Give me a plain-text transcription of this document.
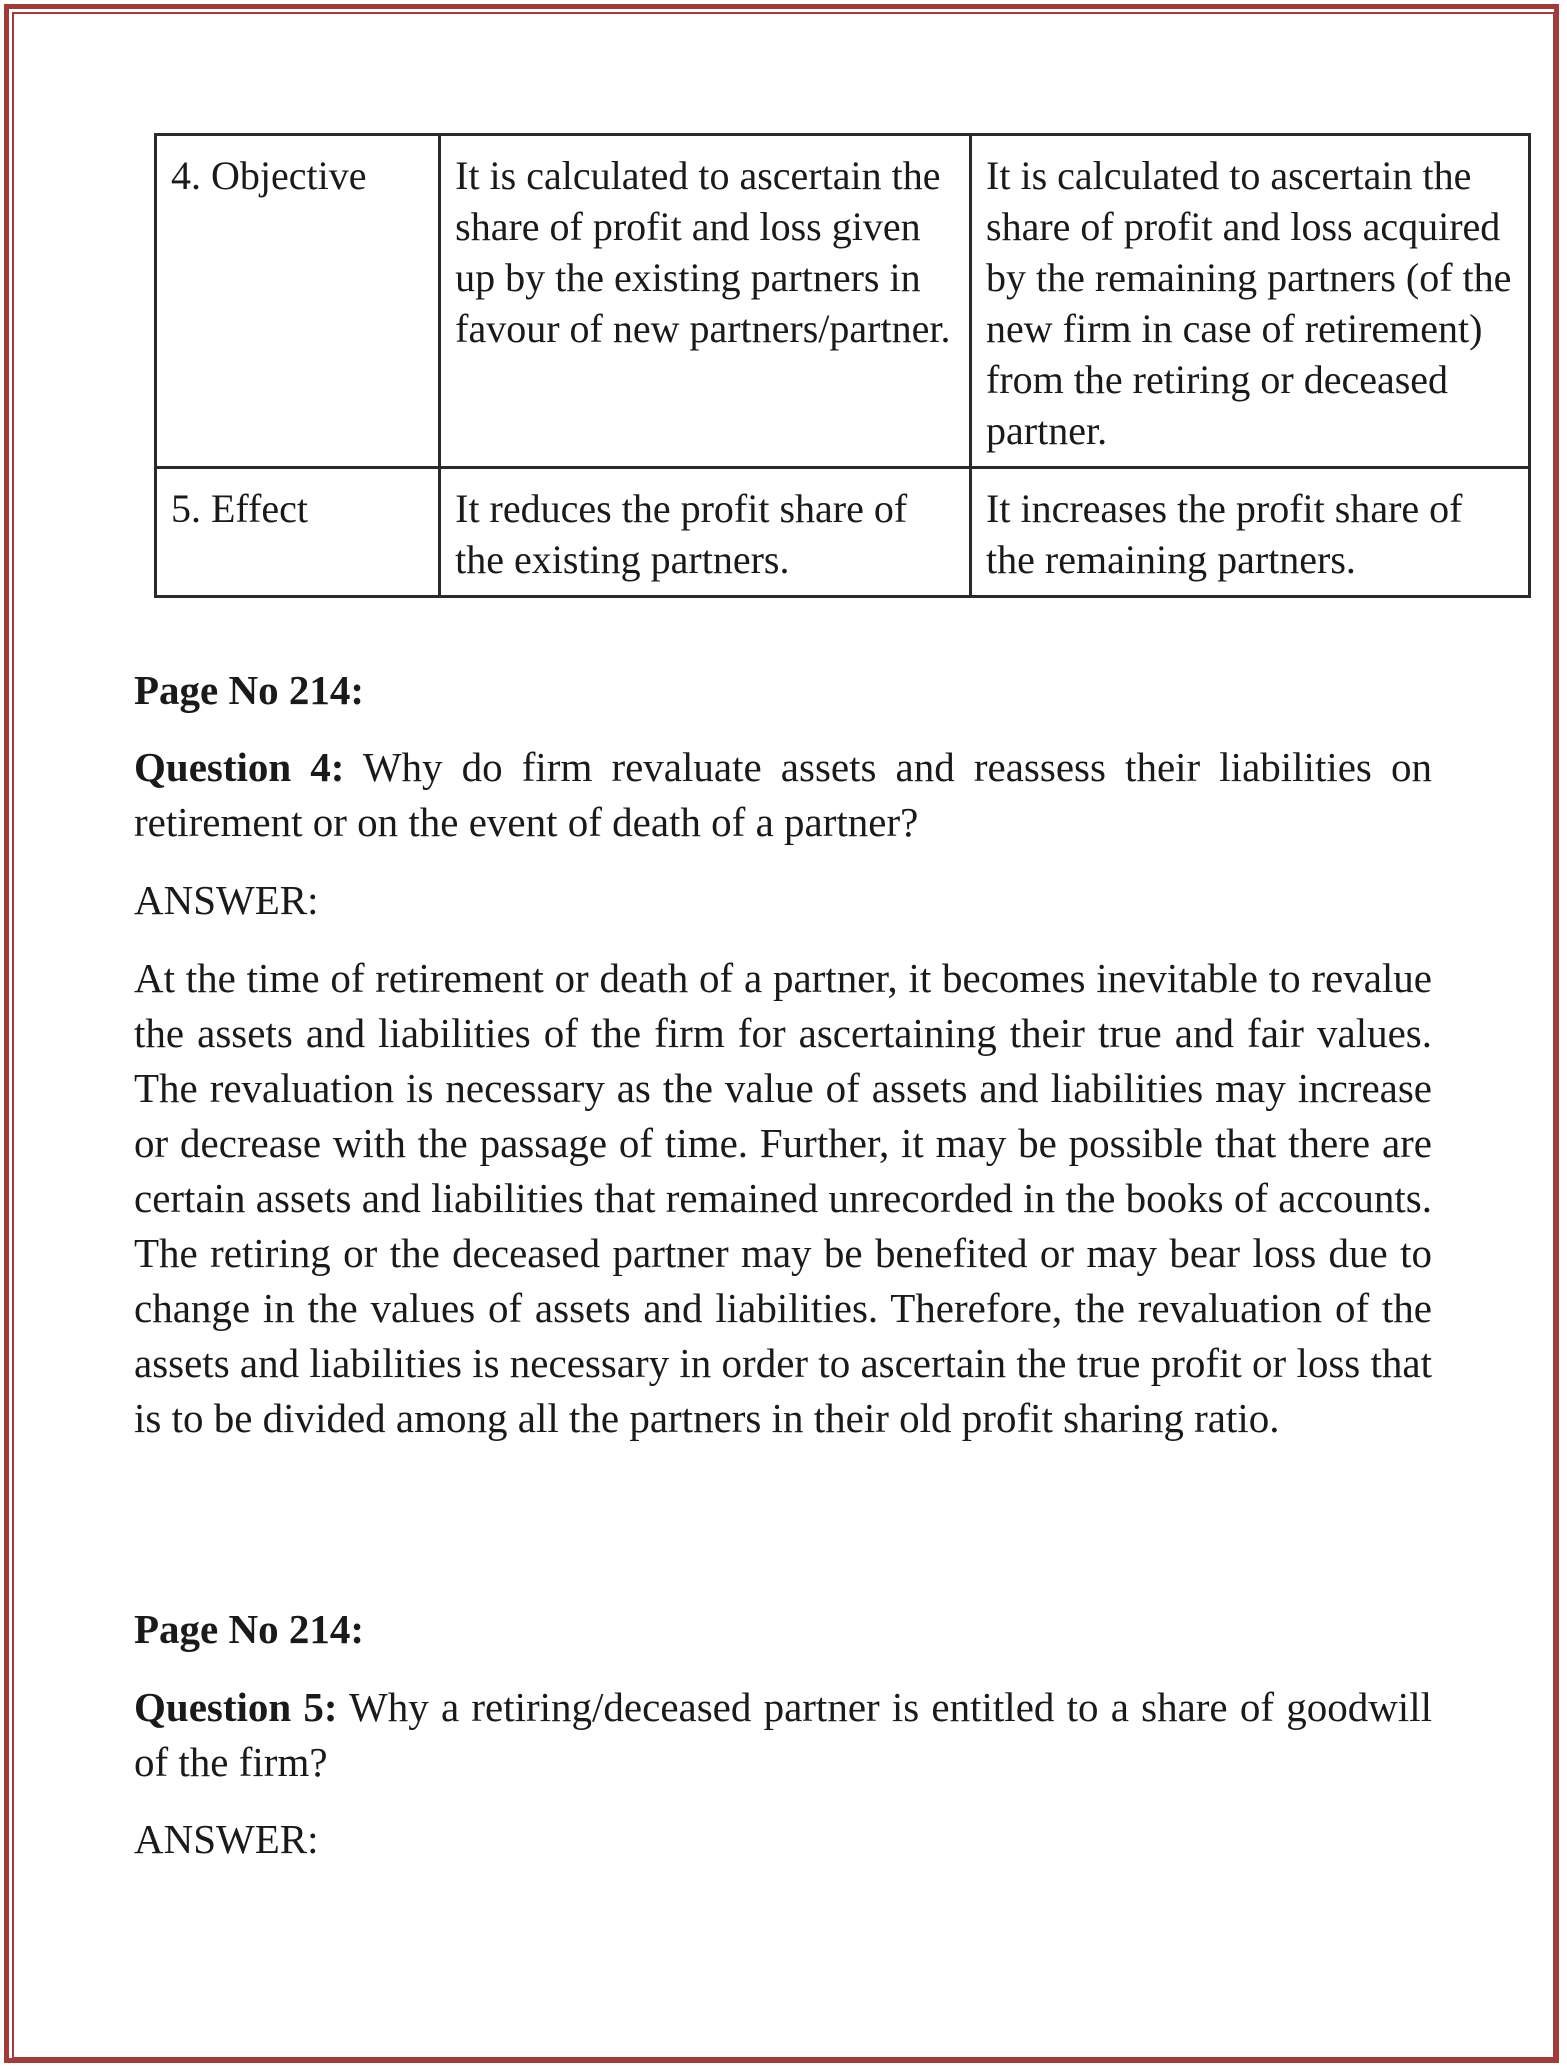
4. Objective	It is calculated to ascertain the share of profit and loss given up by the existing partners in favour of new partners/partner.	It is calculated to ascertain the share of profit and loss acquired by the remaining partners (of the new firm in case of retirement) from the retiring or deceased partner.
5. Effect	It reduces the profit share of the existing partners.	It increases the profit share of the remaining partners.
Page No 214:
Question 4: Why do firm revaluate assets and reassess their liabilities on retirement or on the event of death of a partner?
ANSWER:
At the time of retirement or death of a partner, it becomes inevitable to revalue the assets and liabilities of the firm for ascertaining their true and fair values. The revaluation is necessary as the value of assets and liabilities may increase or decrease with the passage of time. Further, it may be possible that there are certain assets and liabilities that remained unrecorded in the books of accounts. The retiring or the deceased partner may be benefited or may bear loss due to change in the values of assets and liabilities. Therefore, the revaluation of the assets and liabilities is necessary in order to ascertain the true profit or loss that is to be divided among all the partners in their old profit sharing ratio.
Page No 214:
Question 5: Why a retiring/deceased partner is entitled to a share of goodwill of the firm?
ANSWER:
